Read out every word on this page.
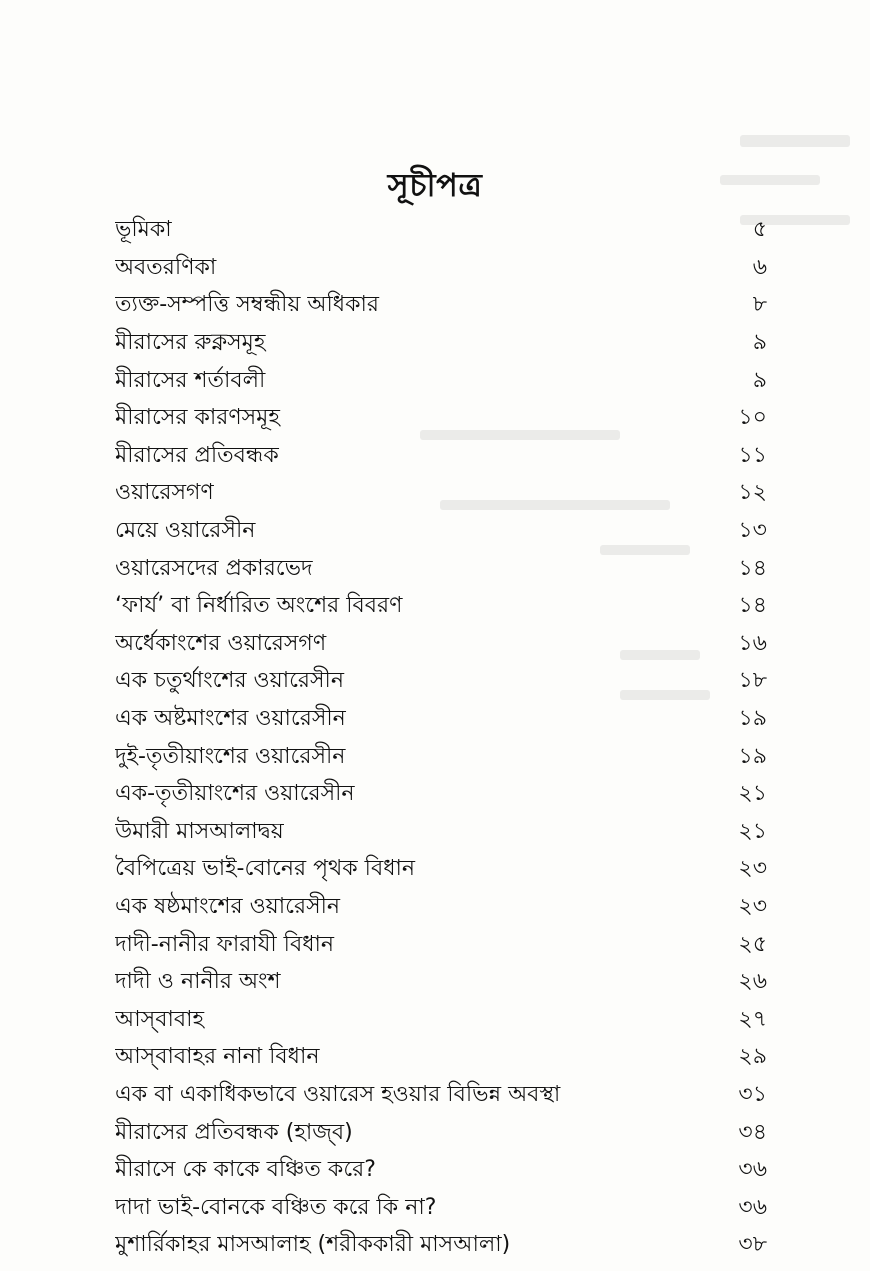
সূচীপত্র
ভূমিকা	৫
অবতরণিকা	৬
ত্যক্ত-সম্পত্তি সম্বন্ধীয় অধিকার	৮
মীরাসের রুক্নসমূহ	৯
মীরাসের শর্তাবলী	৯
মীরাসের কারণসমূহ	১০
মীরাসের প্রতিবন্ধক	১১
ওয়ারেসগণ	১২
মেয়ে ওয়ারেসীন	১৩
ওয়ারেসদের প্রকারভেদ	১৪
‘ফার্য’ বা নির্ধারিত অংশের বিবরণ	১৪
অর্ধেকাংশের ওয়ারেসগণ	১৬
এক চতুর্থাংশের ওয়ারেসীন	১৮
এক অষ্টমাংশের ওয়ারেসীন	১৯
দুই-তৃতীয়াংশের ওয়ারেসীন	১৯
এক-তৃতীয়াংশের ওয়ারেসীন	২১
উমারী মাসআলাদ্বয়	২১
বৈপিত্রেয় ভাই-বোনের পৃথক বিধান	২৩
এক ষষ্ঠমাংশের ওয়ারেসীন	২৩
দাদী-নানীর ফারাযী বিধান	২৫
দাদী ও নানীর অংশ	২৬
আস্‌বাবাহ	২৭
আস্‌বাবাহর নানা বিধান	২৯
এক বা একাধিকভাবে ওয়ারেস হওয়ার বিভিন্ন অবস্থা	৩১
মীরাসের প্রতিবন্ধক (হাজ্‌ব)	৩৪
মীরাসে কে কাকে বঞ্চিত করে?	৩৬
দাদা ভাই-বোনকে বঞ্চিত করে কি না?	৩৬
মুশার্রিকাহর মাসআলাহ (শরীককারী মাসআলা)	৩৮
